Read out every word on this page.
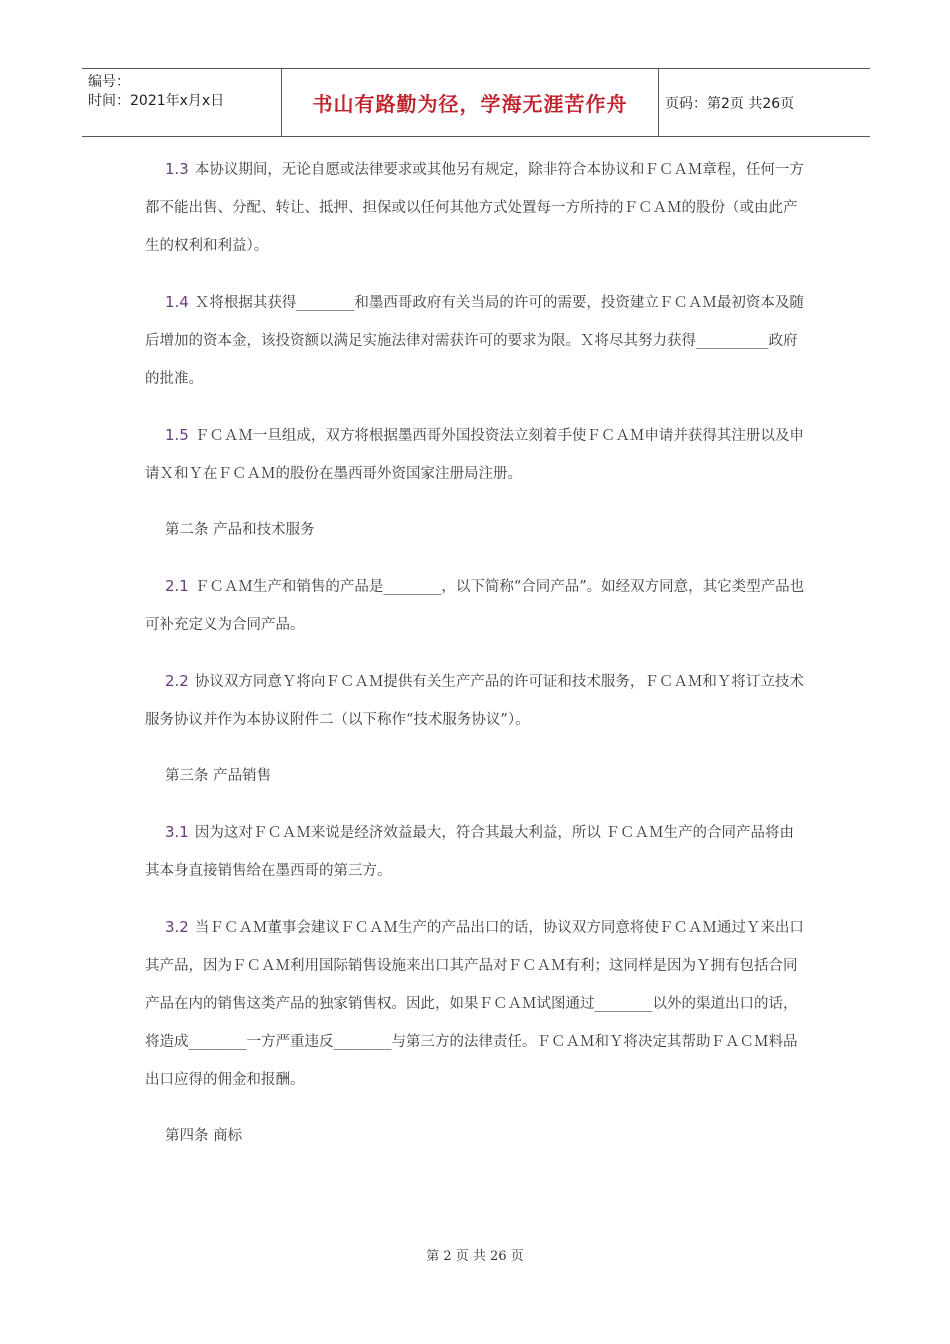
编号：
时间：2021年x月x日	书山有路勤为径，学海无涯苦作舟	页码：第2页 共26页

1.3 本协议期间，无论自愿或法律要求或其他另有规定，除非符合本协议和ＦＣＡＭ章程，任何一方都不能出售、分配、转让、抵押、担保或以任何其他方式处置每一方所持的ＦＣＡＭ的股份（或由此产生的权利和利益）。

1.4 Ｘ将根据其获得________和墨西哥政府有关当局的许可的需要，投资建立ＦＣＡＭ最初资本及随后增加的资本金，该投资额以满足实施法律对需获许可的要求为限。Ｘ将尽其努力获得__________政府的批准。

1.5 ＦＣＡＭ一旦组成，双方将根据墨西哥外国投资法立刻着手使ＦＣＡＭ申请并获得其注册以及申请Ｘ和Ｙ在ＦＣＡＭ的股份在墨西哥外资国家注册局注册。

第二条 产品和技术服务

2.1 ＦＣＡＭ生产和销售的产品是________，以下简称“合同产品”。如经双方同意，其它类型产品也可补充定义为合同产品。

2.2 协议双方同意Ｙ将向ＦＣＡＭ提供有关生产产品的许可证和技术服务，ＦＣＡＭ和Ｙ将订立技术服务协议并作为本协议附件二（以下称作“技术服务协议”）。

第三条 产品销售

3.1 因为这对ＦＣＡＭ来说是经济效益最大，符合其最大利益，所以 ＦＣＡＭ生产的合同产品将由其本身直接销售给在墨西哥的第三方。

3.2 当ＦＣＡＭ董事会建议ＦＣＡＭ生产的产品出口的话，协议双方同意将使ＦＣＡＭ通过Ｙ来出口其产品，因为ＦＣＡＭ利用国际销售设施来出口其产品对ＦＣＡＭ有利；这同样是因为Ｙ拥有包括合同产品在内的销售这类产品的独家销售权。因此，如果ＦＣＡＭ试图通过________以外的渠道出口的话，将造成________一方严重违反________与第三方的法律责任。ＦＣＡＭ和Ｙ将决定其帮助ＦＡＣＭ料品出口应得的佣金和报酬。

第四条 商标

第 2 页 共 26 页
